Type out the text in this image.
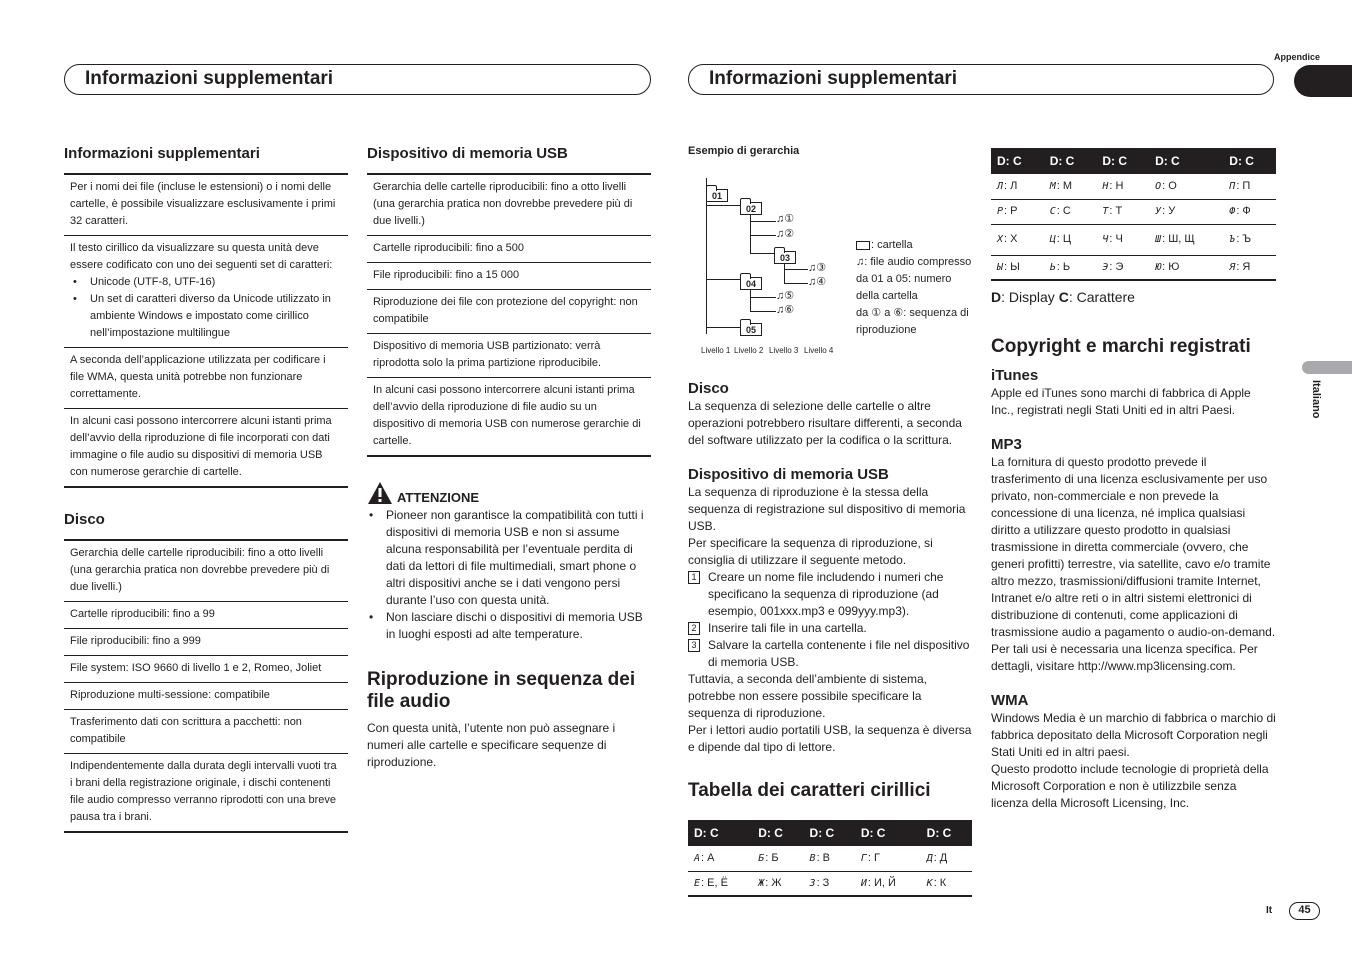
Appendice
Italiano
Informazioni supplementari	Informazioni supplementari
Informazioni supplementari
Per i nomi dei file (incluse le estensioni) o i nomi delle cartelle, è possibile visualizzare esclusivamente i primi 32 caratteri.
Il testo cirillico da visualizzare su questa unità deve essere codificato con uno dei seguenti set di caratteri:
• Unicode (UTF-8, UTF-16)
• Un set di caratteri diverso da Unicode utilizzato in ambiente Windows e impostato come cirillico nell’impostazione multilingue
A seconda dell’applicazione utilizzata per codificare i file WMA, questa unità potrebbe non funzionare correttamente.
In alcuni casi possono intercorrere alcuni istanti prima dell’avvio della riproduzione di file incorporati con dati immagine o file audio su dispositivi di memoria USB con numerose gerarchie di cartelle.
Disco
Gerarchia delle cartelle riproducibili: fino a otto livelli (una gerarchia pratica non dovrebbe prevedere più di due livelli.)
Cartelle riproducibili: fino a 99
File riproducibili: fino a 999
File system: ISO 9660 di livello 1 e 2, Romeo, Joliet
Riproduzione multi-sessione: compatibile
Trasferimento dati con scrittura a pacchetti: non compatibile
Indipendentemente dalla durata degli intervalli vuoti tra i brani della registrazione originale, i dischi contenenti file audio compresso verranno riprodotti con una breve pausa tra i brani.
Dispositivo di memoria USB
Gerarchia delle cartelle riproducibili: fino a otto livelli (una gerarchia pratica non dovrebbe prevedere più di due livelli.)
Cartelle riproducibili: fino a 500
File riproducibili: fino a 15 000
Riproduzione dei file con protezione del copyright: non compatibile
Dispositivo di memoria USB partizionato: verrà riprodotta solo la prima partizione riproducibile.
In alcuni casi possono intercorrere alcuni istanti prima dell’avvio della riproduzione di file audio su un dispositivo di memoria USB con numerose gerarchie di cartelle.
ATTENZIONE
• Pioneer non garantisce la compatibilità con tutti i dispositivi di memoria USB e non si assume alcuna responsabilità per l’eventuale perdita di dati da lettori di file multimediali, smart phone o altri dispositivi anche se i dati vengono persi durante l’uso con questa unità.
• Non lasciare dischi o dispositivi di memoria USB in luoghi esposti ad alte temperature.
Riproduzione in sequenza dei file audio
Con questa unità, l’utente non può assegnare i numeri alle cartelle e specificare sequenze di riproduzione.
Esempio di gerarchia
01
02
03
04
05
♫①
♫②
♫③
♫④
♫⑤
♫⑥
Livello 1 Livello 2 Livello 3 Livello 4
: cartella
♫: file audio compresso
da 01 a 05: numero della cartella
da ① a ⑥: sequenza di riproduzione
Disco
La sequenza di selezione delle cartelle o altre operazioni potrebbero risultare differenti, a seconda del software utilizzato per la codifica o la scrittura.
Dispositivo di memoria USB
La sequenza di riproduzione è la stessa della sequenza di registrazione sul dispositivo di memoria USB.
Per specificare la sequenza di riproduzione, si consiglia di utilizzare il seguente metodo.
1 Creare un nome file includendo i numeri che specificano la sequenza di riproduzione (ad esempio, 001xxx.mp3 e 099yyy.mp3).
2 Inserire tali file in una cartella.
3 Salvare la cartella contenente i file nel dispositivo di memoria USB.
Tuttavia, a seconda dell’ambiente di sistema, potrebbe non essere possibile specificare la sequenza di riproduzione.
Per i lettori audio portatili USB, la sequenza è diversa e dipende dal tipo di lettore.
Tabella dei caratteri cirillici
D: C	D: C	D: C	D: C	D: C
А: А	Б: Б	В: В	Г: Г	Д: Д
Е: Е, Ё	Ж: Ж	З: З	И: И, Й	К: К
D: C	D: C	D: C	D: C	D: C
Л: Л	М: М	Н: Н	О: О	П: П
Р: Р	С: С	Т: Т	У: У	Ф: Ф
Х: Х	Ц: Ц	Ч: Ч	Ш: Ш, Щ	Ъ: Ъ
Ы: Ы	Ь: Ь	Э: Э	Ю: Ю	Я: Я
D: Display C: Carattere
Copyright e marchi registrati
iTunes
Apple ed iTunes sono marchi di fabbrica di Apple Inc., registrati negli Stati Uniti ed in altri Paesi.
MP3
La fornitura di questo prodotto prevede il trasferimento di una licenza esclusivamente per uso privato, non-commerciale e non prevede la concessione di una licenza, né implica qualsiasi diritto a utilizzare questo prodotto in qualsiasi trasmissione in diretta commerciale (ovvero, che generi profitti) terrestre, via satellite, cavo e/o tramite altro mezzo, trasmissioni/diffusioni tramite Internet, Intranet e/o altre reti o in altri sistemi elettronici di distribuzione di contenuti, come applicazioni di trasmissione audio a pagamento o audio-on-demand. Per tali usi è necessaria una licenza specifica. Per dettagli, visitare http://www.mp3licensing.com.
WMA
Windows Media è un marchio di fabbrica o marchio di fabbrica depositato della Microsoft Corporation negli Stati Uniti ed in altri paesi.
Questo prodotto include tecnologie di proprietà della Microsoft Corporation e non è utilizzbile senza licenza della Microsoft Licensing, Inc.
It	45
